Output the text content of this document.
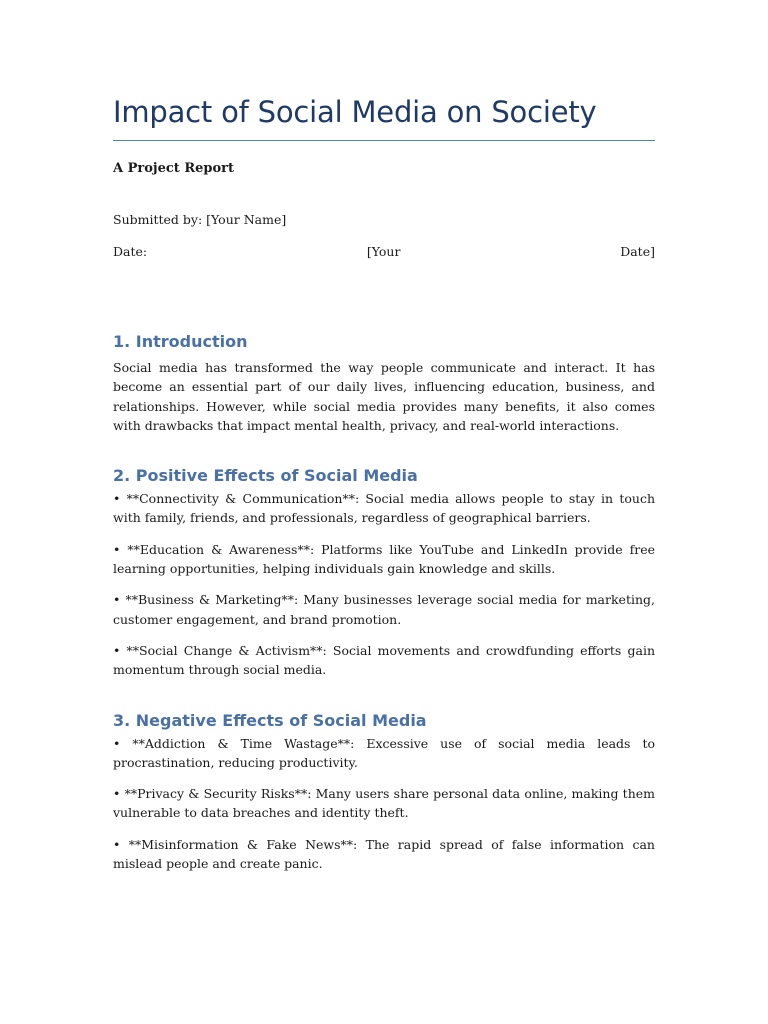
Impact of Social Media on Society
A Project Report
Submitted by: [Your Name]
Date:	[Your	Date]
1. Introduction

Social media has transformed the way people communicate and interact. It has become an essential part of our daily lives, influencing education, business, and relationships. However, while social media provides many benefits, it also comes with drawbacks that impact mental health, privacy, and real-world interactions.

2. Positive Effects of Social Media

• **Connectivity & Communication**: Social media allows people to stay in touch with family, friends, and professionals, regardless of geographical barriers.

• **Education & Awareness**: Platforms like YouTube and LinkedIn provide free learning opportunities, helping individuals gain knowledge and skills.

• **Business & Marketing**: Many businesses leverage social media for marketing, customer engagement, and brand promotion.

• **Social Change & Activism**: Social movements and crowdfunding efforts gain momentum through social media.

3. Negative Effects of Social Media

• **Addiction & Time Wastage**: Excessive use of social media leads to procrastination, reducing productivity.

• **Privacy & Security Risks**: Many users share personal data online, making them vulnerable to data breaches and identity theft.

• **Misinformation & Fake News**: The rapid spread of false information can mislead people and create panic.
